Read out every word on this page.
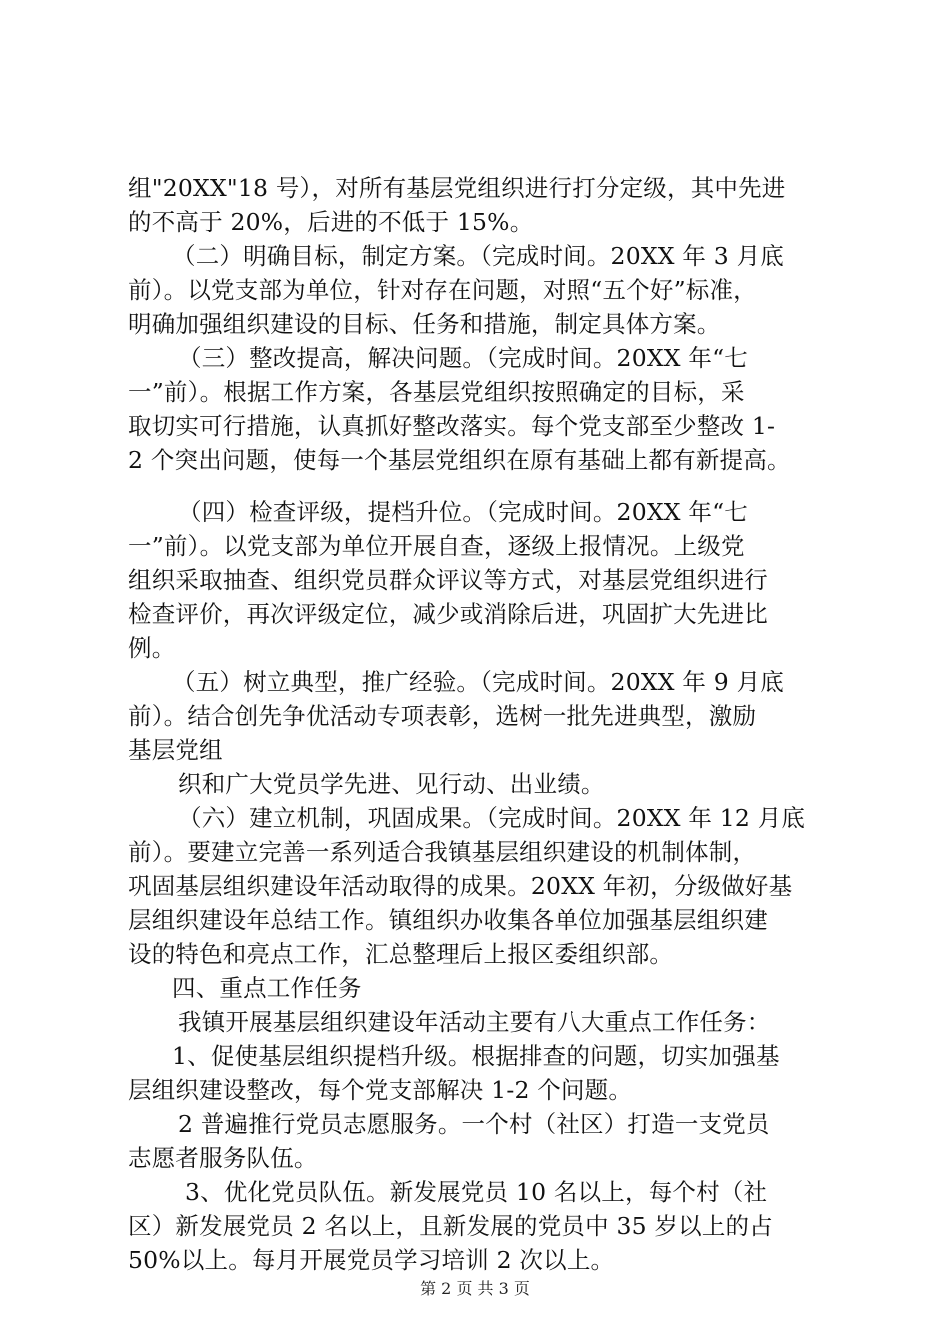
组"20XX"18 号），对所有基层党组织进行打分定级，其中先进
的不高于 20%，后进的不低于 15%。
（二）明确目标，制定方案。（完成时间。20XX 年 3 月底
前）。以党支部为单位，针对存在问题，对照“五个好”标准，
明确加强组织建设的目标、任务和措施，制定具体方案。
（三）整改提高，解决问题。（完成时间。20XX 年“七
一”前）。根据工作方案，各基层党组织按照确定的目标，采
取切实可行措施，认真抓好整改落实。每个党支部至少整改 1-
2 个突出问题，使每一个基层党组织在原有基础上都有新提高。
（四）检查评级，提档升位。（完成时间。20XX 年“七
一”前）。以党支部为单位开展自查，逐级上报情况。上级党
组织采取抽查、组织党员群众评议等方式，对基层党组织进行
检查评价，再次评级定位，减少或消除后进，巩固扩大先进比
例。
（五）树立典型，推广经验。（完成时间。20XX 年 9 月底
前）。结合创先争优活动专项表彰，选树一批先进典型，激励
基层党组
织和广大党员学先进、见行动、出业绩。
（六）建立机制，巩固成果。（完成时间。20XX 年 12 月底
前）。要建立完善一系列适合我镇基层组织建设的机制体制，
巩固基层组织建设年活动取得的成果。20XX 年初，分级做好基
层组织建设年总结工作。镇组织办收集各单位加强基层组织建
设的特色和亮点工作，汇总整理后上报区委组织部。
四、重点工作任务
我镇开展基层组织建设年活动主要有八大重点工作任务：
1、促使基层组织提档升级。根据排查的问题，切实加强基
层组织建设整改，每个党支部解决 1-2 个问题。
2 普遍推行党员志愿服务。一个村（社区）打造一支党员
志愿者服务队伍。
3、优化党员队伍。新发展党员 10 名以上，每个村（社
区）新发展党员 2 名以上，且新发展的党员中 35 岁以上的占
50%以上。每月开展党员学习培训 2 次以上。
第 2 页 共 3 页
